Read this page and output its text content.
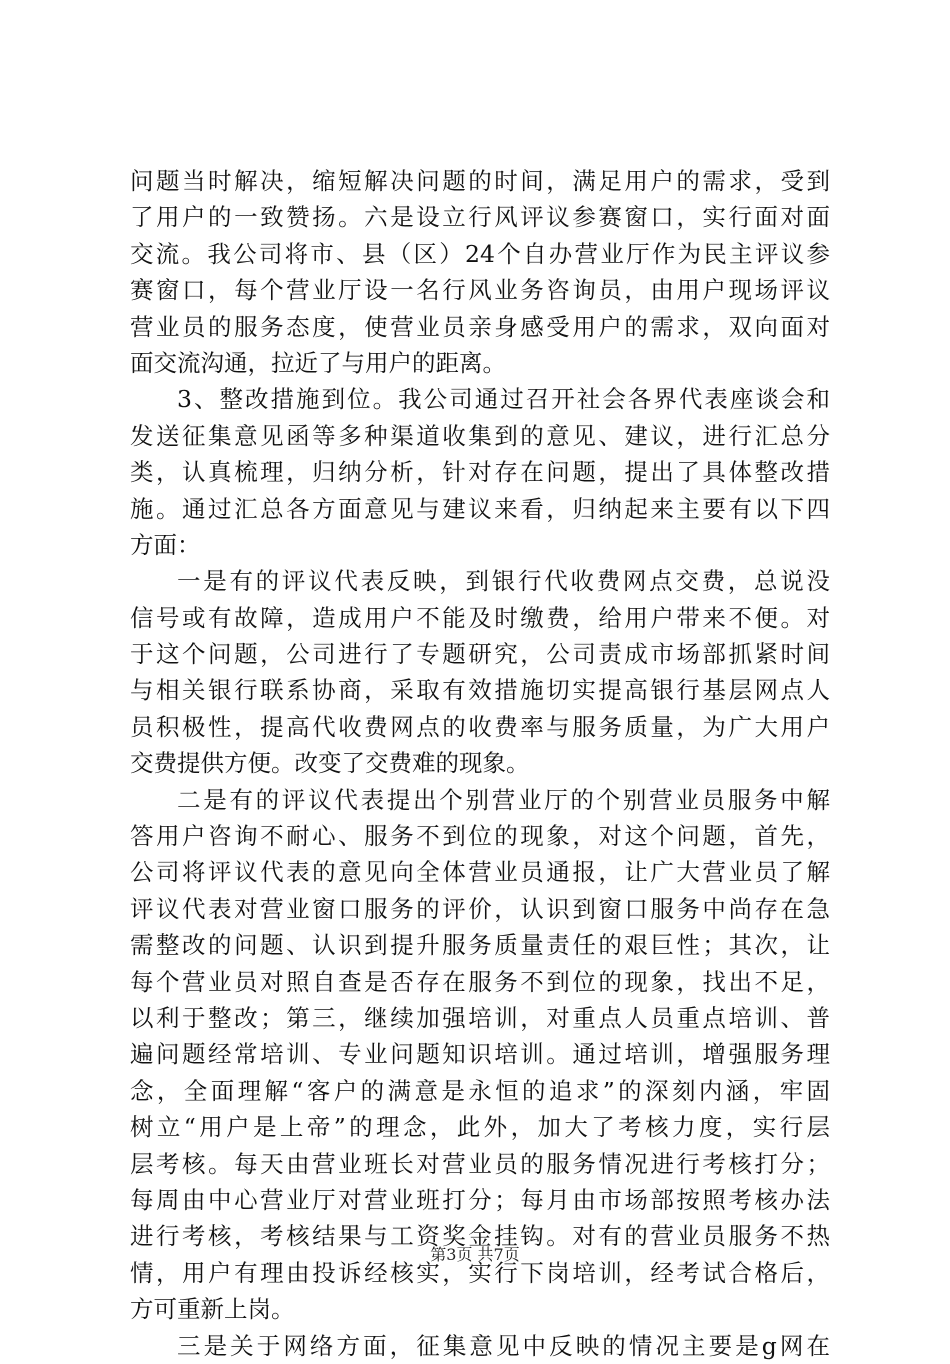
问题当时解决，缩短解决问题的时间，满足用户的需求，受到
了用户的一致赞扬。六是设立行风评议参赛窗口，实行面对面
交流。我公司将市、县（区）24个自办营业厅作为民主评议参
赛窗口，每个营业厅设一名行风业务咨询员，由用户现场评议
营业员的服务态度，使营业员亲身感受用户的需求，双向面对
面交流沟通，拉近了与用户的距离。
3、整改措施到位。我公司通过召开社会各界代表座谈会和
发送征集意见函等多种渠道收集到的意见、建议，进行汇总分
类，认真梳理，归纳分析，针对存在问题，提出了具体整改措
施。通过汇总各方面意见与建议来看，归纳起来主要有以下四
方面：
一是有的评议代表反映，到银行代收费网点交费，总说没
信号或有故障，造成用户不能及时缴费，给用户带来不便。对
于这个问题，公司进行了专题研究，公司责成市场部抓紧时间
与相关银行联系协商，采取有效措施切实提高银行基层网点人
员积极性，提高代收费网点的收费率与服务质量，为广大用户
交费提供方便。改变了交费难的现象。
二是有的评议代表提出个别营业厅的个别营业员服务中解
答用户咨询不耐心、服务不到位的现象，对这个问题，首先，
公司将评议代表的意见向全体营业员通报，让广大营业员了解
评议代表对营业窗口服务的评价，认识到窗口服务中尚存在急
需整改的问题、认识到提升服务质量责任的艰巨性；其次，让
每个营业员对照自查是否存在服务不到位的现象，找出不足，
以利于整改；第三，继续加强培训，对重点人员重点培训、普
遍问题经常培训、专业问题知识培训。通过培训，增强服务理
念，全面理解“客户的满意是永恒的追求”的深刻内涵，牢固
树立“用户是上帝”的理念，此外，加大了考核力度，实行层
层考核。每天由营业班长对营业员的服务情况进行考核打分；
每周由中心营业厅对营业班打分；每月由市场部按照考核办法
进行考核，考核结果与工资奖金挂钩。对有的营业员服务不热
情，用户有理由投诉经核实，实行下岗培训，经考试合格后，
方可重新上岗。
三是关于网络方面，征集意见中反映的情况主要是g网在
第3页 共7页
